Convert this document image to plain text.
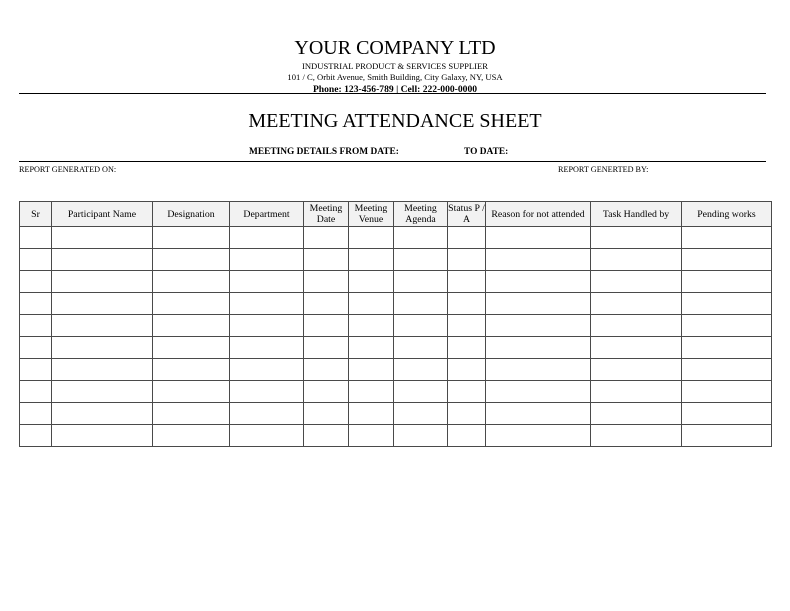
YOUR COMPANY LTD
INDUSTRIAL PRODUCT & SERVICES SUPPLIER
101 / C, Orbit Avenue, Smith Building, City Galaxy, NY, USA
Phone: 123-456-789 | Cell: 222-000-0000
MEETING ATTENDANCE SHEET
MEETING DETAILS FROM DATE:	TO DATE:
REPORT GENERATED ON:	REPORT GENERTED BY:
Sr	Participant Name	Designation	Department	Meeting Date	Meeting Venue	Meeting Agenda	Status P / A	Reason for not attended	Task Handled by	Pending works
